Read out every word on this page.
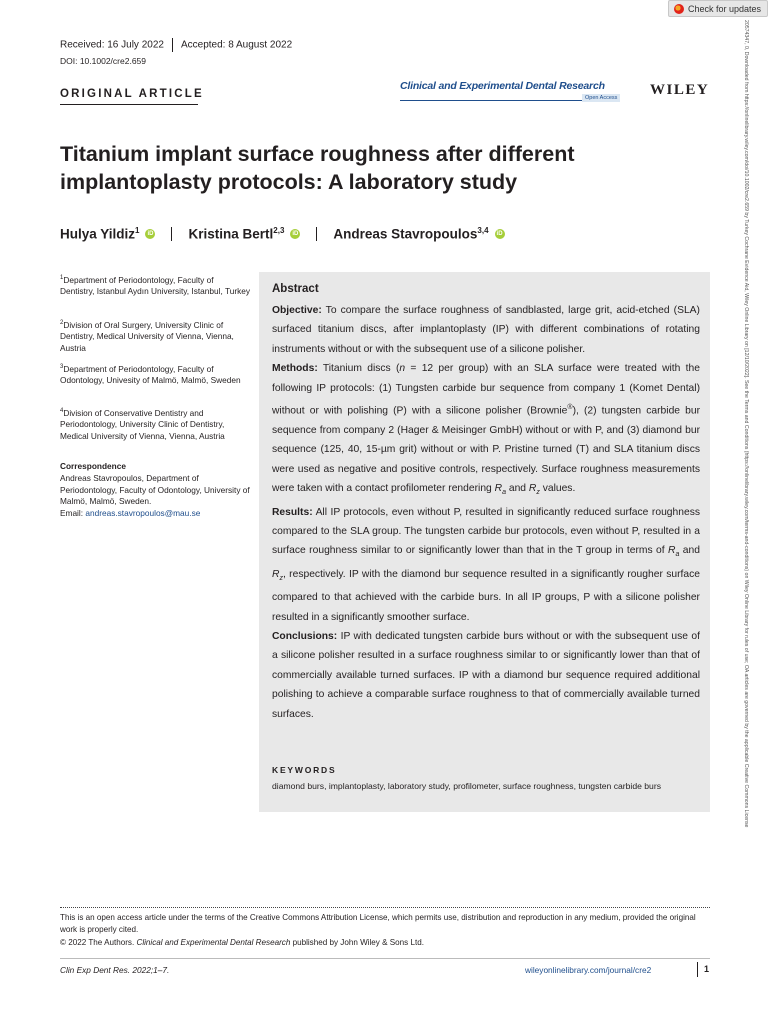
Check for updates
Received: 16 July 2022 Accepted: 8 August 2022
DOI: 10.1002/cre2.659
ORIGINAL ARTICLE
Clinical and Experimental Dental Research
Open Access WILEY
Titanium implant surface roughness after different implantoplasty protocols: A laboratory study
Hulya Yildiz$^1$	iD	Kristina Bertl$^{2,3}$	iD	Andreas Stavropoulos$^{3,4}$	iD
$^1$Department of Periodontology, Faculty of Dentistry, Istanbul Aydın University, Istanbul, Turkey
$^2$Division of Oral Surgery, University Clinic of Dentistry, Medical University of Vienna, Vienna, Austria
$^3$Department of Periodontology, Faculty of Odontology, Univesity of Malmö, Malmö, Sweden
$^4$Division of Conservative Dentistry and Periodontology, University Clinic of Dentistry, Medical University of Vienna, Vienna, Austria
Correspondence
Andreas Stavropoulos, Department of Periodontology, Faculty of Odontology, University of Malmö, Malmö, Sweden.
Email: andreas.stavropoulos@mau.se
Abstract

Objective: To compare the surface roughness of sandblasted, large grit, acid-etched (SLA) surfaced titanium discs, after implantoplasty (IP) with different combinations of rotating instruments without or with the subsequent use of a silicone polisher.

Methods: Titanium discs (n = 12 per group) with an SLA surface were treated with the following IP protocols: (1) Tungsten carbide bur sequence from company 1 (Komet Dental) without or with polishing (P) with a silicone polisher (Brownie®), (2) tungsten carbide bur sequence from company 2 (Hager & Meisinger GmbH) without or with P, and (3) diamond bur sequence (125, 40, 15-µm grit) without or with P. Pristine turned (T) and SLA titanium discs were used as negative and positive controls, respectively. Surface roughness measurements were taken with a contact profilometer rendering $R_a$ and $R_z$ values.

Results: All IP protocols, even without P, resulted in significantly reduced surface roughness compared to the SLA group. The tungsten carbide bur protocols, even without P, resulted in a surface roughness similar to or significantly lower than that in the T group in terms of $R_a$ and $R_z$, respectively. IP with the diamond bur sequence resulted in a significantly rougher surface compared to that achieved with the carbide burs. In all IP groups, P with a silicone polisher resulted in a significantly smoother surface.

Conclusions: IP with dedicated tungsten carbide burs without or with the subsequent use of a silicone polisher resulted in a surface roughness similar to or significantly lower than that of commercially available turned surfaces. IP with a diamond bur sequence required additional polishing to achieve a comparable surface roughness to that of commercially available turned surfaces.

KEYWORDS
diamond burs, implantoplasty, laboratory study, profilometer, surface roughness, tungsten carbide burs
This is an open access article under the terms of the Creative Commons Attribution License, which permits use, distribution and reproduction in any medium, provided the original work is properly cited.
© 2022 The Authors. Clinical and Experimental Dental Research published by John Wiley & Sons Ltd.
Clin Exp Dent Res. 2022;1–7.	wileyonlinelibrary.com/journal/cre2	1
20574347, 0, Downloaded from https://onlinelibrary.wiley.com/doi/10.1002/cre2.659 by Turkey Cochrane Evidence Aid, Wiley Online Library on [12/10/2022]. See the Terms and Conditions (https://onlinelibrary.wiley.com/terms-and-conditions) on Wiley Online Library for rules of use; OA articles are governed by the applicable Creative Commons License
